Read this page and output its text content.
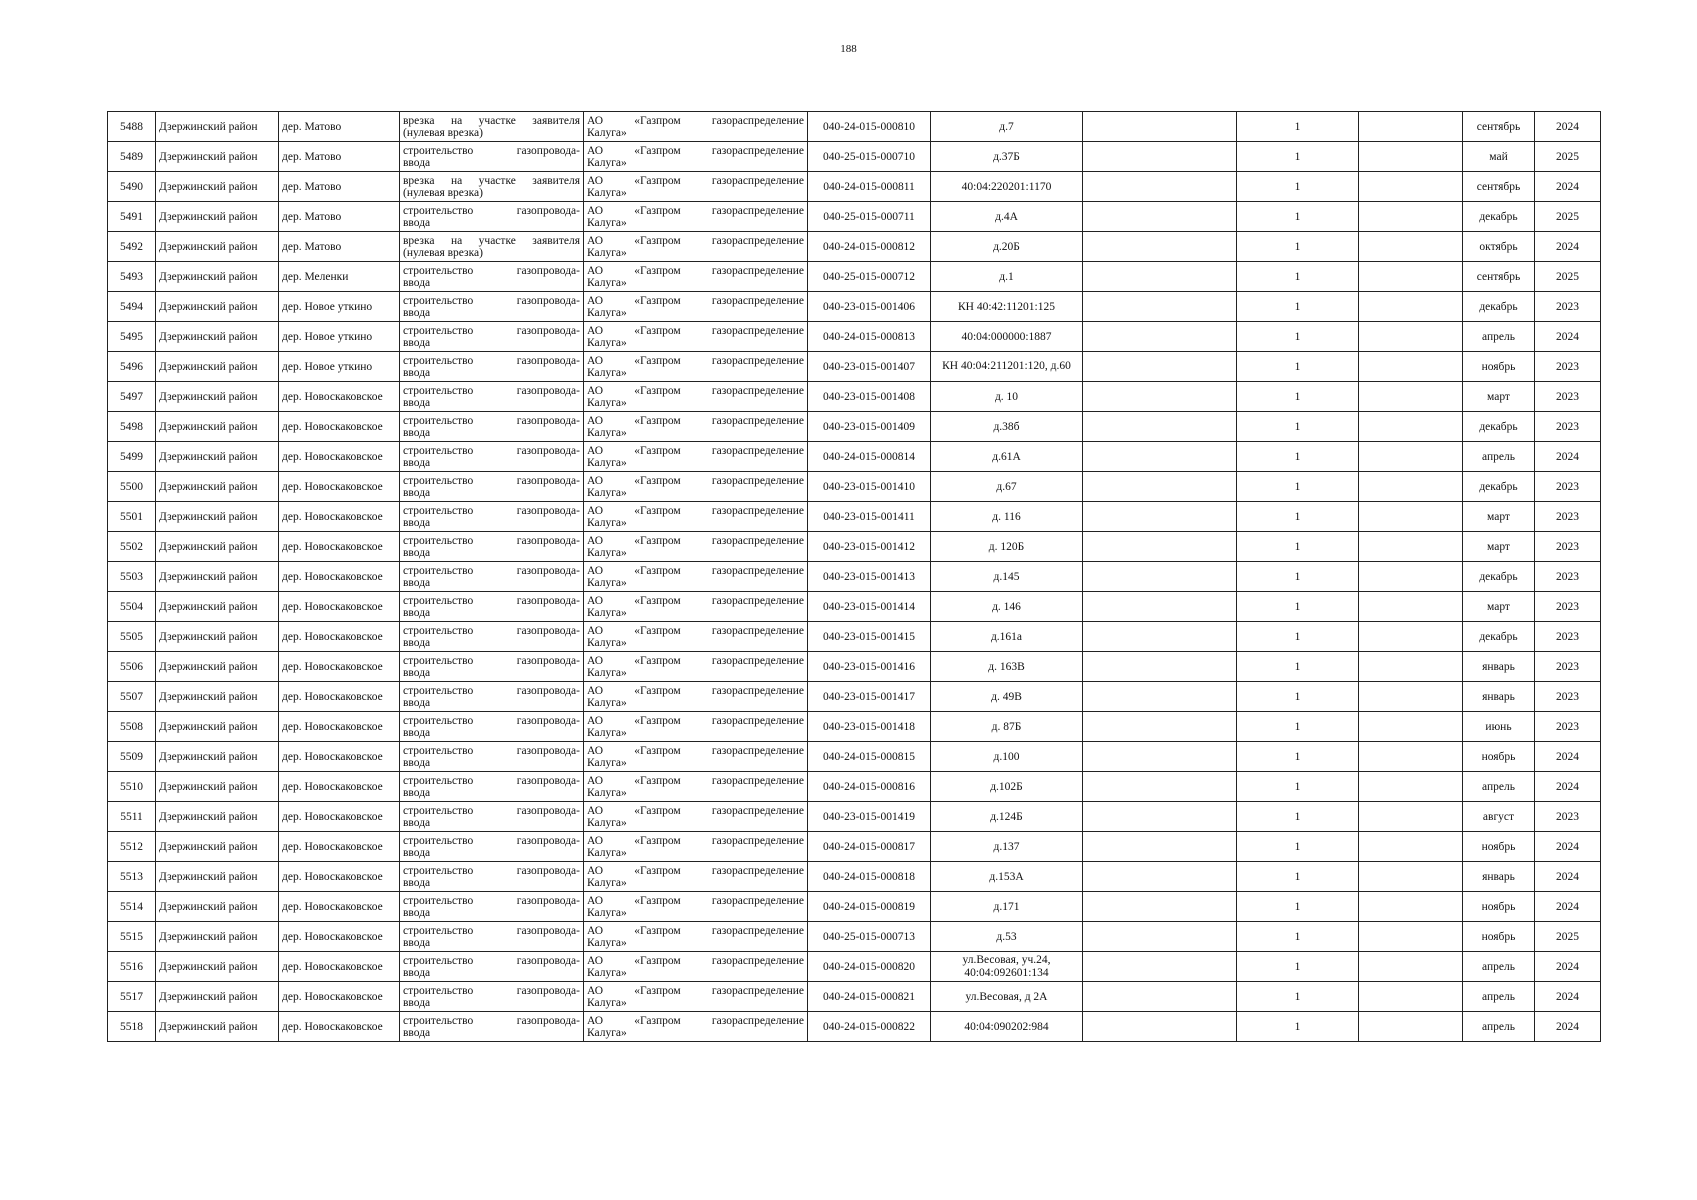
188
5488	Дзержинский район	дер. Матово	врезка на участке заявителя
(нулевая врезка)	АО «Газпром газораспределение
Калуга»	040-24-015-000810	д.7		1		сентябрь	2024
5489	Дзержинский район	дер. Матово	строительство газопровода-
ввода	АО «Газпром газораспределение
Калуга»	040-25-015-000710	д.37Б		1		май	2025
5490	Дзержинский район	дер. Матово	врезка на участке заявителя
(нулевая врезка)	АО «Газпром газораспределение
Калуга»	040-24-015-000811	40:04:220201:1170		1		сентябрь	2024
5491	Дзержинский район	дер. Матово	строительство газопровода-
ввода	АО «Газпром газораспределение
Калуга»	040-25-015-000711	д.4А		1		декабрь	2025
5492	Дзержинский район	дер. Матово	врезка на участке заявителя
(нулевая врезка)	АО «Газпром газораспределение
Калуга»	040-24-015-000812	д.20Б		1		октябрь	2024
5493	Дзержинский район	дер. Меленки	строительство газопровода-
ввода	АО «Газпром газораспределение
Калуга»	040-25-015-000712	д.1		1		сентябрь	2025
5494	Дзержинский район	дер. Новое уткино	строительство газопровода-
ввода	АО «Газпром газораспределение
Калуга»	040-23-015-001406	КН 40:42:11201:125		1		декабрь	2023
5495	Дзержинский район	дер. Новое уткино	строительство газопровода-
ввода	АО «Газпром газораспределение
Калуга»	040-24-015-000813	40:04:000000:1887		1		апрель	2024
5496	Дзержинский район	дер. Новое уткино	строительство газопровода-
ввода	АО «Газпром газораспределение
Калуга»	040-23-015-001407	КН 40:04:211201:120, д.60		1		ноябрь	2023
5497	Дзержинский район	дер. Новоскаковское	строительство газопровода-
ввода	АО «Газпром газораспределение
Калуга»	040-23-015-001408	д. 10		1		март	2023
5498	Дзержинский район	дер. Новоскаковское	строительство газопровода-
ввода	АО «Газпром газораспределение
Калуга»	040-23-015-001409	д.38б		1		декабрь	2023
5499	Дзержинский район	дер. Новоскаковское	строительство газопровода-
ввода	АО «Газпром газораспределение
Калуга»	040-24-015-000814	д.61А		1		апрель	2024
5500	Дзержинский район	дер. Новоскаковское	строительство газопровода-
ввода	АО «Газпром газораспределение
Калуга»	040-23-015-001410	д.67		1		декабрь	2023
5501	Дзержинский район	дер. Новоскаковское	строительство газопровода-
ввода	АО «Газпром газораспределение
Калуга»	040-23-015-001411	д. 116		1		март	2023
5502	Дзержинский район	дер. Новоскаковское	строительство газопровода-
ввода	АО «Газпром газораспределение
Калуга»	040-23-015-001412	д. 120Б		1		март	2023
5503	Дзержинский район	дер. Новоскаковское	строительство газопровода-
ввода	АО «Газпром газораспределение
Калуга»	040-23-015-001413	д.145		1		декабрь	2023
5504	Дзержинский район	дер. Новоскаковское	строительство газопровода-
ввода	АО «Газпром газораспределение
Калуга»	040-23-015-001414	д. 146		1		март	2023
5505	Дзержинский район	дер. Новоскаковское	строительство газопровода-
ввода	АО «Газпром газораспределение
Калуга»	040-23-015-001415	д.161а		1		декабрь	2023
5506	Дзержинский район	дер. Новоскаковское	строительство газопровода-
ввода	АО «Газпром газораспределение
Калуга»	040-23-015-001416	д. 163В		1		январь	2023
5507	Дзержинский район	дер. Новоскаковское	строительство газопровода-
ввода	АО «Газпром газораспределение
Калуга»	040-23-015-001417	д. 49В		1		январь	2023
5508	Дзержинский район	дер. Новоскаковское	строительство газопровода-
ввода	АО «Газпром газораспределение
Калуга»	040-23-015-001418	д. 87Б		1		июнь	2023
5509	Дзержинский район	дер. Новоскаковское	строительство газопровода-
ввода	АО «Газпром газораспределение
Калуга»	040-24-015-000815	д.100		1		ноябрь	2024
5510	Дзержинский район	дер. Новоскаковское	строительство газопровода-
ввода	АО «Газпром газораспределение
Калуга»	040-24-015-000816	д.102Б		1		апрель	2024
5511	Дзержинский район	дер. Новоскаковское	строительство газопровода-
ввода	АО «Газпром газораспределение
Калуга»	040-23-015-001419	д.124Б		1		август	2023
5512	Дзержинский район	дер. Новоскаковское	строительство газопровода-
ввода	АО «Газпром газораспределение
Калуга»	040-24-015-000817	д.137		1		ноябрь	2024
5513	Дзержинский район	дер. Новоскаковское	строительство газопровода-
ввода	АО «Газпром газораспределение
Калуга»	040-24-015-000818	д.153А		1		январь	2024
5514	Дзержинский район	дер. Новоскаковское	строительство газопровода-
ввода	АО «Газпром газораспределение
Калуга»	040-24-015-000819	д.171		1		ноябрь	2024
5515	Дзержинский район	дер. Новоскаковское	строительство газопровода-
ввода	АО «Газпром газораспределение
Калуга»	040-25-015-000713	д.53		1		ноябрь	2025
5516	Дзержинский район	дер. Новоскаковское	строительство газопровода-
ввода	АО «Газпром газораспределение
Калуга»	040-24-015-000820	ул.Весовая, уч.24, 40:04:092601:134		1		апрель	2024
5517	Дзержинский район	дер. Новоскаковское	строительство газопровода-
ввода	АО «Газпром газораспределение
Калуга»	040-24-015-000821	ул.Весовая, д 2А		1		апрель	2024
5518	Дзержинский район	дер. Новоскаковское	строительство газопровода-
ввода	АО «Газпром газораспределение
Калуга»	040-24-015-000822	40:04:090202:984		1		апрель	2024
